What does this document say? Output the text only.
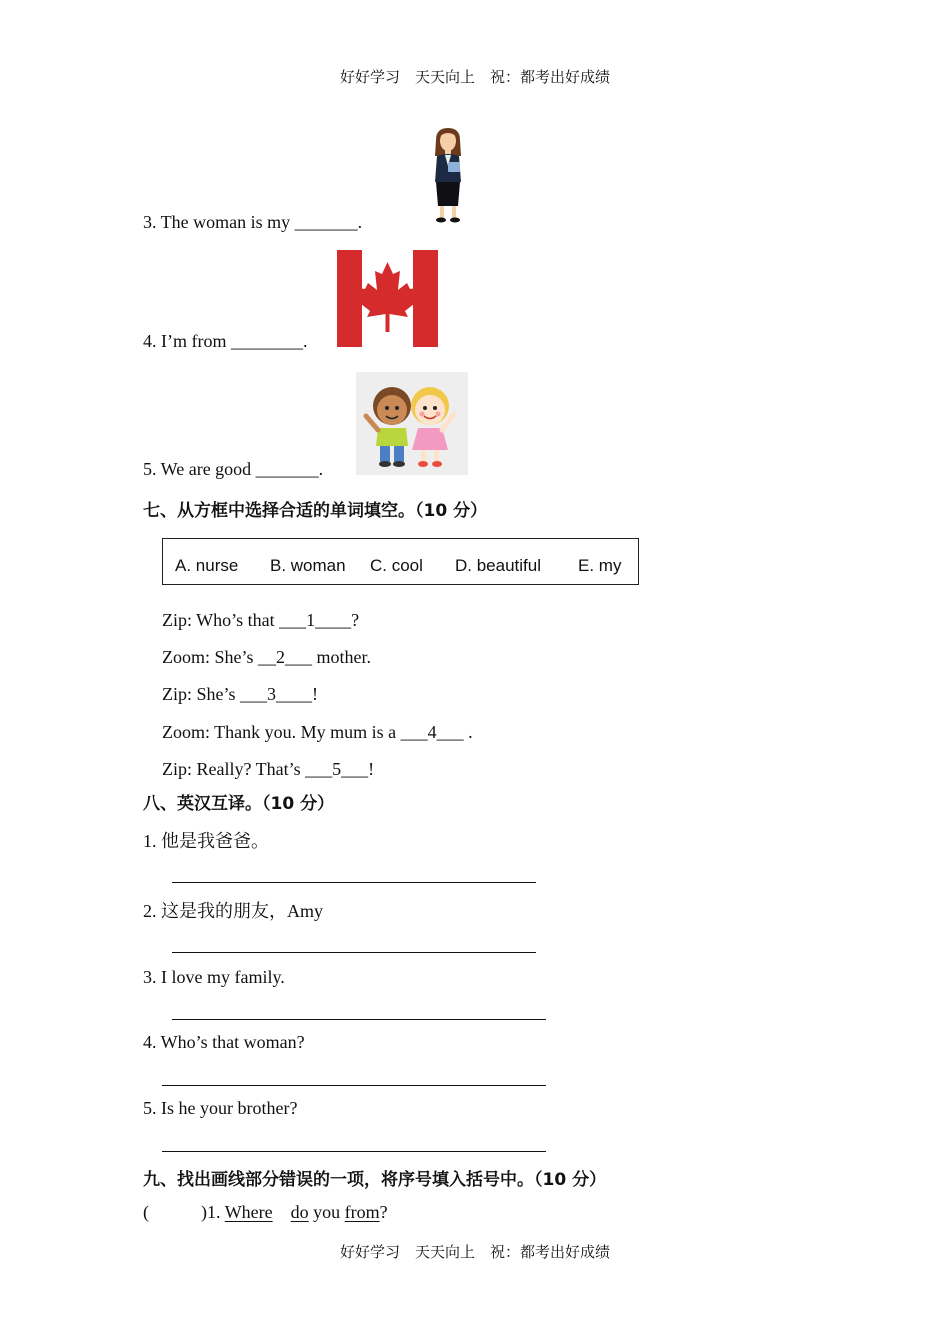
好好学习　天天向上　祝：都考出好成绩
3. The woman is my _______.
4. I’m from ________.
5. We are good _______.
七、从方框中选择合适的单词填空。（10 分）
A. nurse B. woman C. cool D. beautiful E. my
Zip: Who’s that ___1____?
Zoom: She’s __2___ mother.
Zip: She’s ___3____!
Zoom: Thank you. My mum is a ___4___ .
Zip: Really? That’s ___5___!
八、英汉互译。（10 分）
1. 他是我爸爸。
2. 这是我的朋友，Amy
3. I love my family.
4. Who’s that woman?
5. Is he your brother?
九、找出画线部分错误的一项，将序号填入括号中。（10 分）
(	)1. Where do you from?
好好学习　天天向上　祝：都考出好成绩
